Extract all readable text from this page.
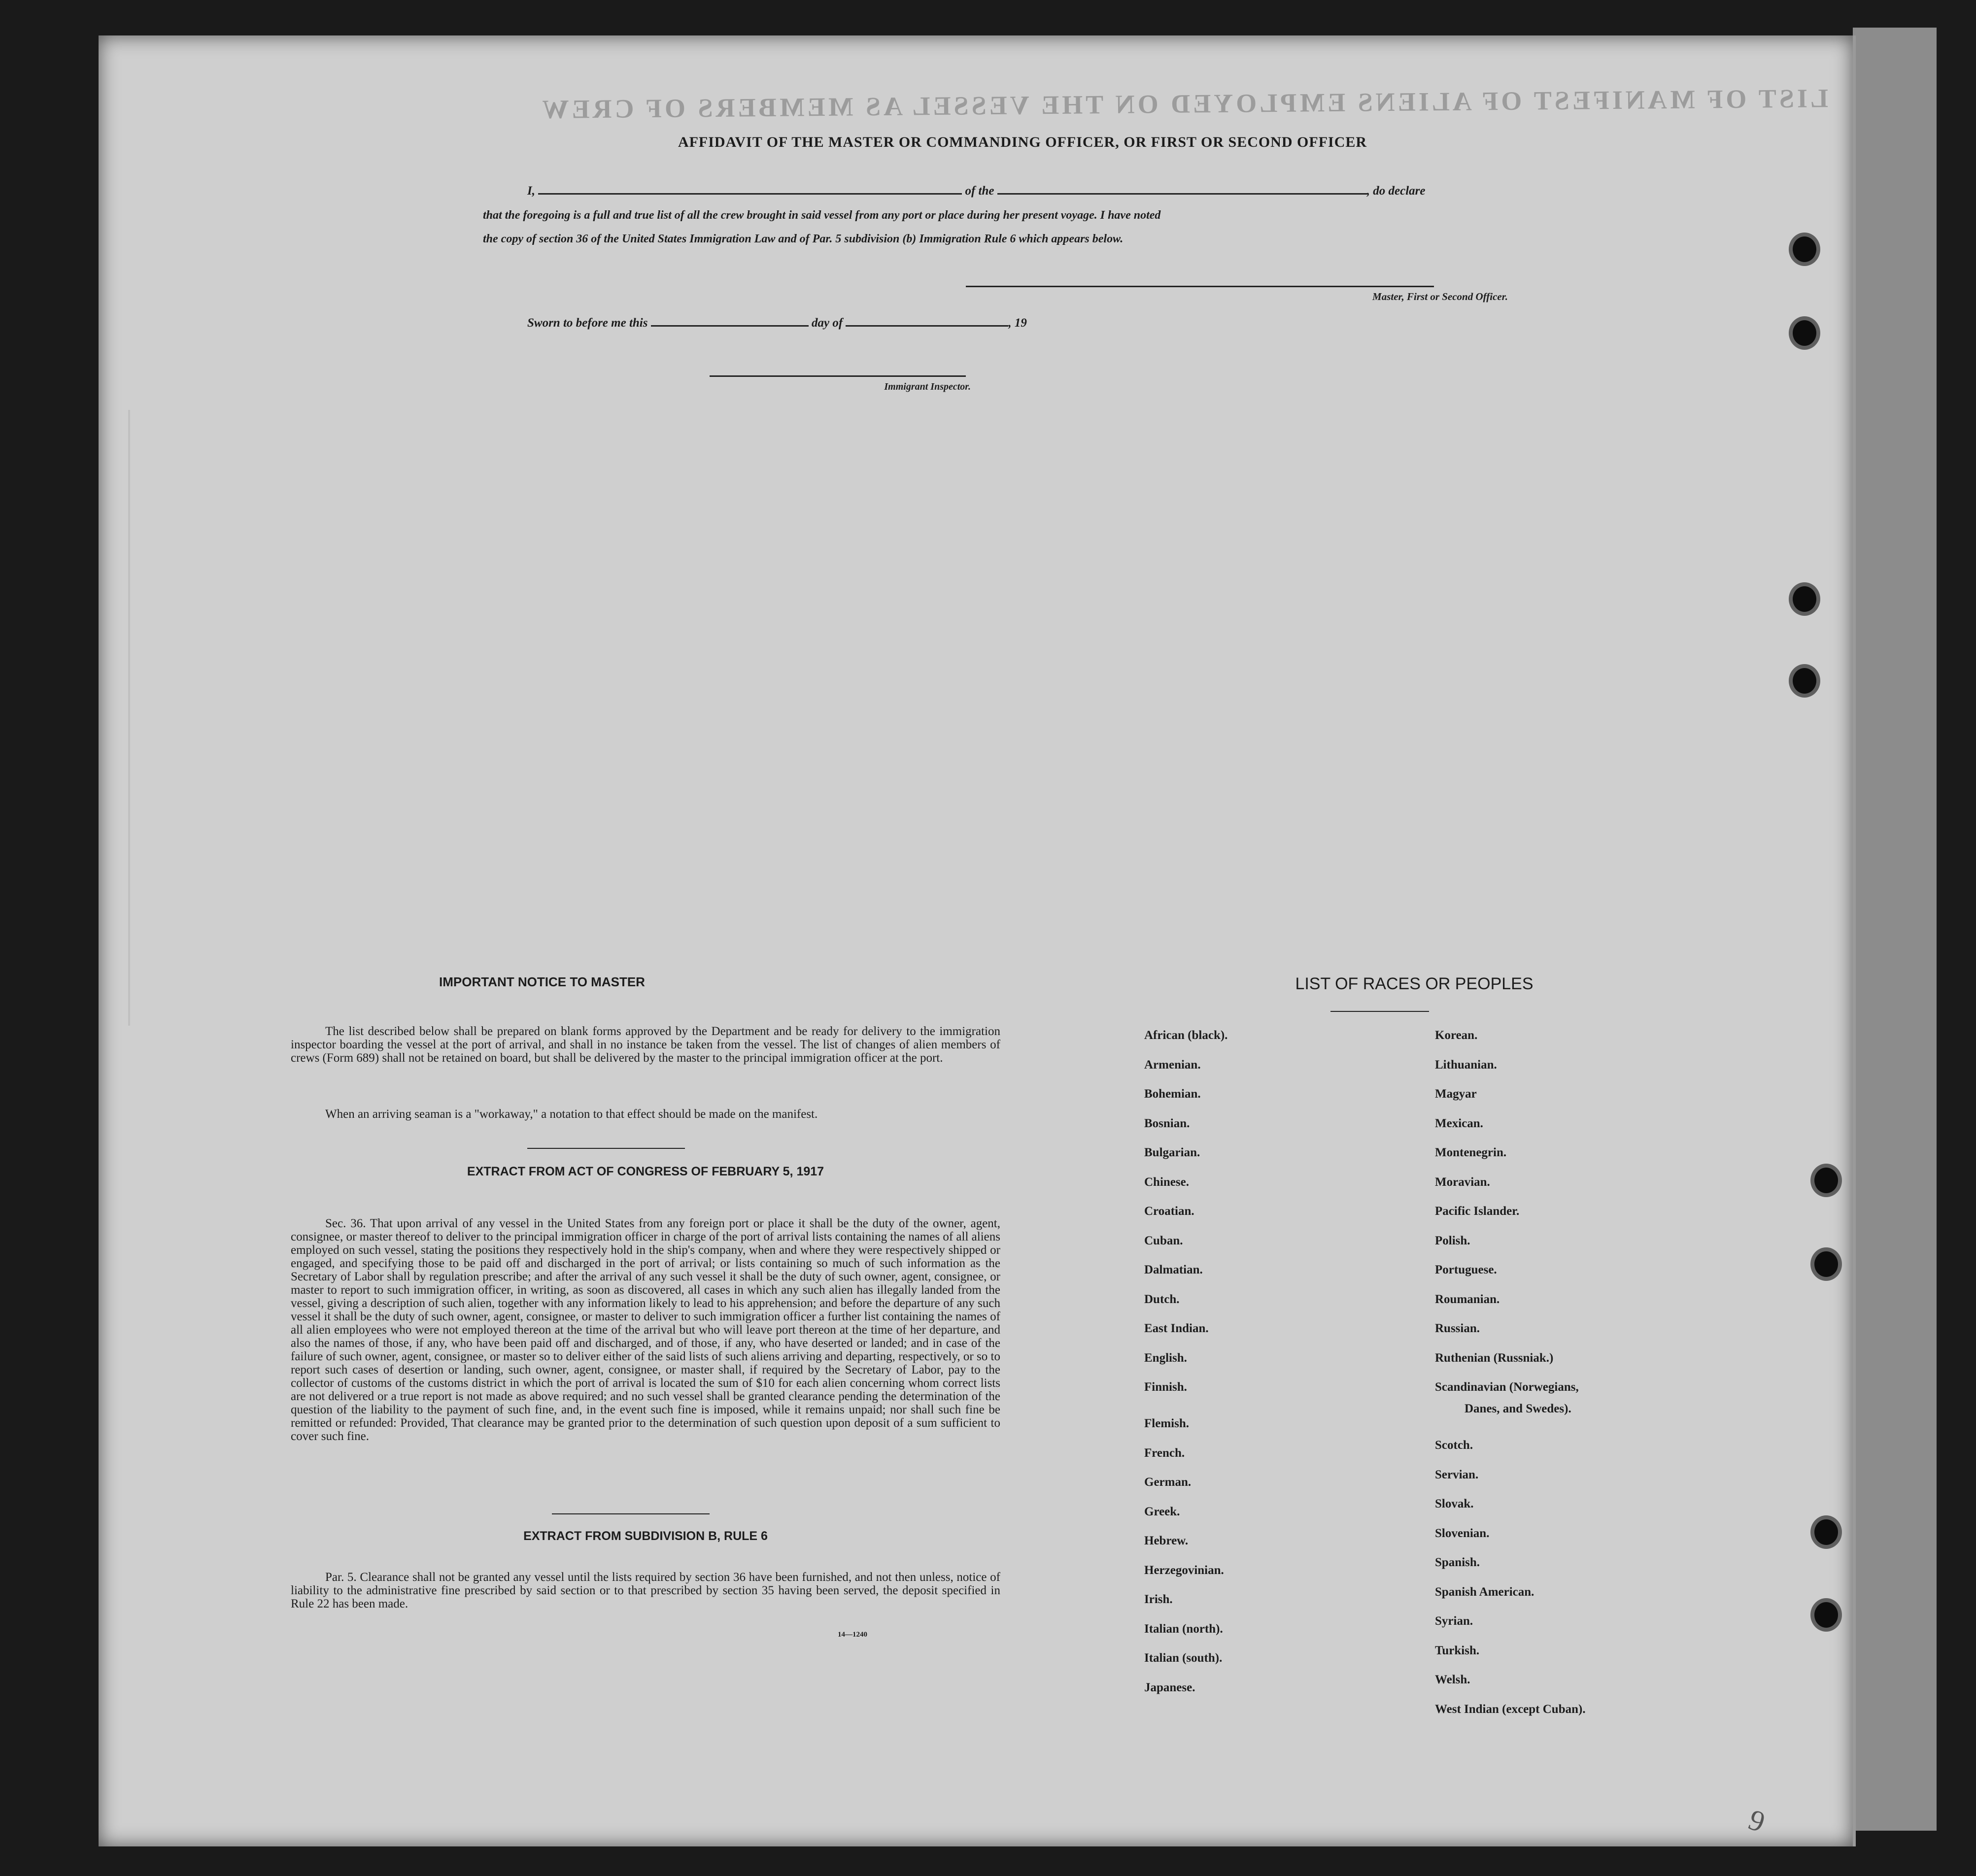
LIST OF MANIFEST OF ALIENS EMPLOYED ON THE VESSEL AS MEMBERS OF CREW
AFFIDAVIT OF THE MASTER OR COMMANDING OFFICER, OR FIRST OR SECOND OFFICER
I,	of the	, do declare
that the foregoing is a full and true list of all the crew brought in said vessel from any port or place during her present voyage. I have noted
the copy of section 36 of the United States Immigration Law and of Par. 5 subdivision (b) Immigration Rule 6 which appears below.
Master, First or Second Officer.
Sworn to before me this	day of	, 19
Immigrant Inspector.
IMPORTANT NOTICE TO MASTER
The list described below shall be prepared on blank forms approved by the Department and be ready for delivery to the immigration inspector boarding the vessel at the port of arrival, and shall in no instance be taken from the vessel. The list of changes of alien members of crews (Form 689) shall not be retained on board, but shall be delivered by the master to the principal immigration officer at the port.
When an arriving seaman is a "workaway," a notation to that effect should be made on the manifest.
EXTRACT FROM ACT OF CONGRESS OF FEBRUARY 5, 1917
Sec. 36. That upon arrival of any vessel in the United States from any foreign port or place it shall be the duty of the owner, agent, consignee, or master thereof to deliver to the principal immigration officer in charge of the port of arrival lists containing the names of all aliens employed on such vessel, stating the positions they respectively hold in the ship's company, when and where they were respectively shipped or engaged, and specifying those to be paid off and discharged in the port of arrival; or lists containing so much of such information as the Secretary of Labor shall by regulation prescribe; and after the arrival of any such vessel it shall be the duty of such owner, agent, consignee, or master to report to such immigration officer, in writing, as soon as discovered, all cases in which any such alien has illegally landed from the vessel, giving a description of such alien, together with any information likely to lead to his apprehension; and before the departure of any such vessel it shall be the duty of such owner, agent, consignee, or master to deliver to such immigration officer a further list containing the names of all alien employees who were not employed thereon at the time of the arrival but who will leave port thereon at the time of her departure, and also the names of those, if any, who have been paid off and discharged, and of those, if any, who have deserted or landed; and in case of the failure of such owner, agent, consignee, or master so to deliver either of the said lists of such aliens arriving and departing, respectively, or so to report such cases of desertion or landing, such owner, agent, consignee, or master shall, if required by the Secretary of Labor, pay to the collector of customs of the customs district in which the port of arrival is located the sum of $10 for each alien concerning whom correct lists are not delivered or a true report is not made as above required; and no such vessel shall be granted clearance pending the determination of the question of the liability to the payment of such fine, and, in the event such fine is imposed, while it remains unpaid; nor shall such fine be remitted or refunded: Provided, That clearance may be granted prior to the determination of such question upon deposit of a sum sufficient to cover such fine.
EXTRACT FROM SUBDIVISION B, RULE 6
Par. 5. Clearance shall not be granted any vessel until the lists required by section 36 have been furnished, and not then unless, notice of liability to the administrative fine prescribed by said section or to that prescribed by section 35 having been served, the deposit specified in Rule 22 has been made.
14—1240
LIST OF RACES OR PEOPLES
African (black).
Armenian.
Bohemian.
Bosnian.
Bulgarian.
Chinese.
Croatian.
Cuban.
Dalmatian.
Dutch.
East Indian.
English.
Finnish.
Flemish.
French.
German.
Greek.
Hebrew.
Herzegovinian.
Irish.
Italian (north).
Italian (south).
Japanese.
Korean.
Lithuanian.
Magyar
Mexican.
Montenegrin.
Moravian.
Pacific Islander.
Polish.
Portuguese.
Roumanian.
Russian.
Ruthenian (Russniak.)
Scandinavian (Norwegians,
Danes, and Swedes).
Scotch.
Servian.
Slovak.
Slovenian.
Spanish.
Spanish American.
Syrian.
Turkish.
Welsh.
West Indian (except Cuban).
9
